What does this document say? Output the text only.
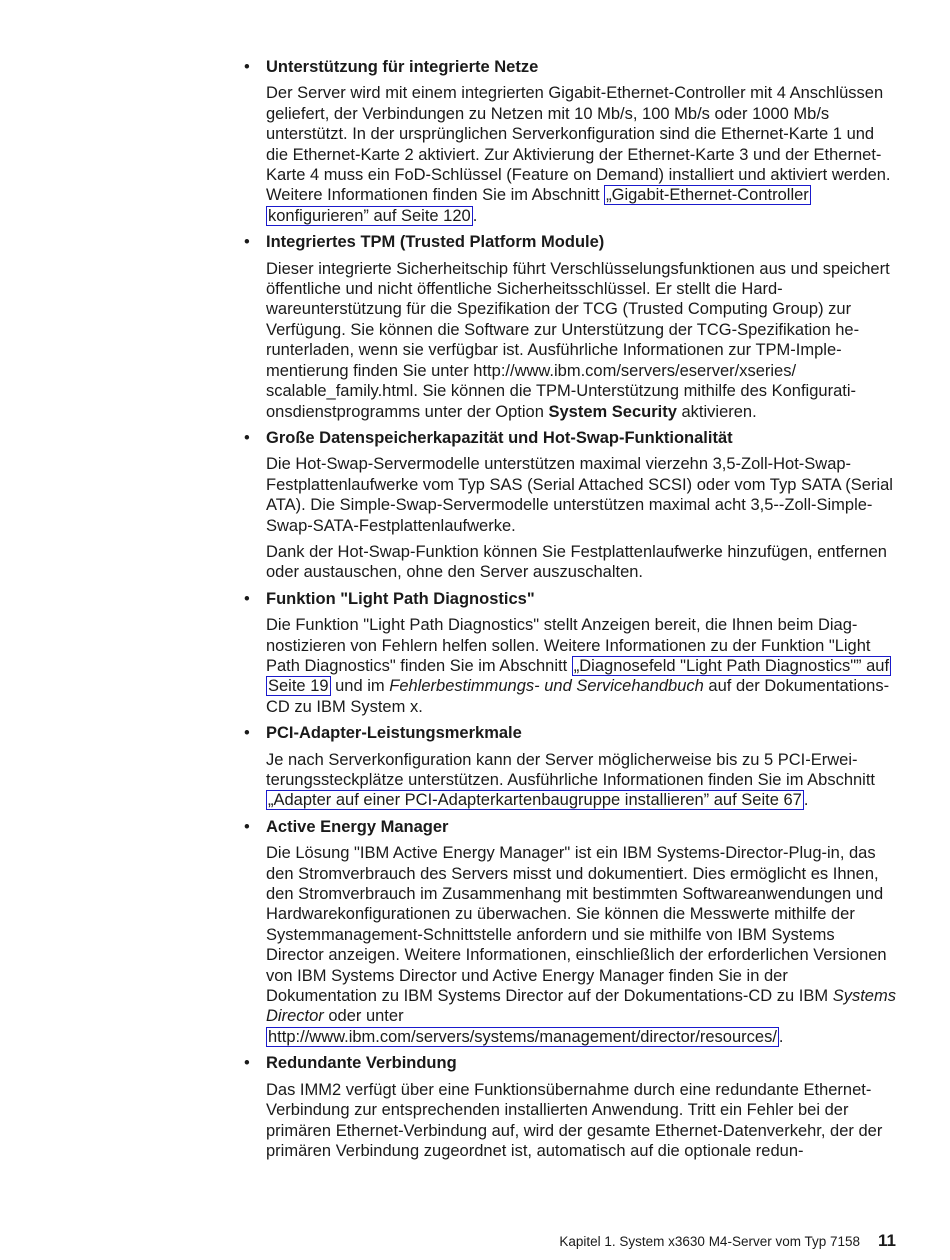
• Unterstützung für integrierte Netze
Der Server wird mit einem integrierten Gigabit-Ethernet-Controller mit 4 Anschlüssen geliefert, der Verbindungen zu Netzen mit 10 Mb/s, 100 Mb/s oder 1000 Mb/s unterstützt. In der ursprünglichen Serverkonfiguration sind die Ethernet-Karte 1 und die Ethernet-Karte 2 aktiviert. Zur Aktivierung der Ethernet-Karte 3 und der Ethernet-Karte 4 muss ein FoD-Schlüssel (Feature on Demand) installiert und aktiviert werden. Weitere Informationen finden Sie im Abschnitt „Gigabit-Ethernet-Controller konfigurieren” auf Seite 120 .
• Integriertes TPM (Trusted Platform Module)
Dieser integrierte Sicherheitschip führt Verschlüsselungsfunktionen aus und speichert öffentliche und nicht öffentliche Sicherheitsschlüssel. Er stellt die Hardwareunterstützung für die Spezifikation der TCG (Trusted Computing Group) zur Verfügung. Sie können die Software zur Unterstützung der TCG-Spezifikation herunterladen, wenn sie verfügbar ist. Ausführliche Informationen zur TPM-Implementierung finden Sie unter http://www.ibm.com/servers/eserver/xseries/ scalable_family.html. Sie können die TPM-Unterstützung mithilfe des Konfigurationsdienstprogramms unter der Option System Security aktivieren.
• Große Datenspeicherkapazität und Hot-Swap-Funktionalität
Die Hot-Swap-Servermodelle unterstützen maximal vierzehn 3,5-Zoll-Hot-Swap-Festplattenlaufwerke vom Typ SAS (Serial Attached SCSI) oder vom Typ SATA (Serial ATA). Die Simple-Swap-Servermodelle unterstützen maximal acht 3,5--Zoll-Simple-Swap-SATA-Festplattenlaufwerke.
Dank der Hot-Swap-Funktion können Sie Festplattenlaufwerke hinzufügen, entfernen oder austauschen, ohne den Server auszuschalten.
• Funktion "Light Path Diagnostics"
Die Funktion "Light Path Diagnostics" stellt Anzeigen bereit, die Ihnen beim Diagnostizieren von Fehlern helfen sollen. Weitere Informationen zu der Funktion "Light Path Diagnostics" finden Sie im Abschnitt „Diagnosefeld "Light Path Diagnostics"” auf Seite 19 und im Fehlerbestimmungs- und Servicehandbuch auf der Dokumentations-CD zu IBM System x.
• PCI-Adapter-Leistungsmerkmale
Je nach Serverkonfiguration kann der Server möglicherweise bis zu 5 PCI-Erweiterungssteckplätze unterstützen. Ausführliche Informationen finden Sie im Abschnitt „Adapter auf einer PCI-Adapterkartenbaugruppe installieren” auf Seite 67 .
• Active Energy Manager
Die Lösung "IBM Active Energy Manager" ist ein IBM Systems-Director-Plug-in, das den Stromverbrauch des Servers misst und dokumentiert. Dies ermöglicht es Ihnen, den Stromverbrauch im Zusammenhang mit bestimmten Softwareanwendungen und Hardwarekonfigurationen zu überwachen. Sie können die Messwerte mithilfe der Systemmanagement-Schnittstelle anfordern und sie mithilfe von IBM Systems Director anzeigen. Weitere Informationen, einschließlich der erforderlichen Versionen von IBM Systems Director und Active Energy Manager finden Sie in der Dokumentation zu IBM Systems Director auf der Dokumentations-CD zu IBM Systems Director oder unter http://www.ibm.com/servers/systems/management/director/resources/ .
• Redundante Verbindung
Das IMM2 verfügt über eine Funktionsübernahme durch eine redundante Ethernet-Verbindung zur entsprechenden installierten Anwendung. Tritt ein Fehler bei der primären Ethernet-Verbindung auf, wird der gesamte Ethernet-Datenverkehr, der der primären Verbindung zugeordnet ist, automatisch auf die optionale redun-
Kapitel 1. System x3630 M4-Server vom Typ 7158 11
